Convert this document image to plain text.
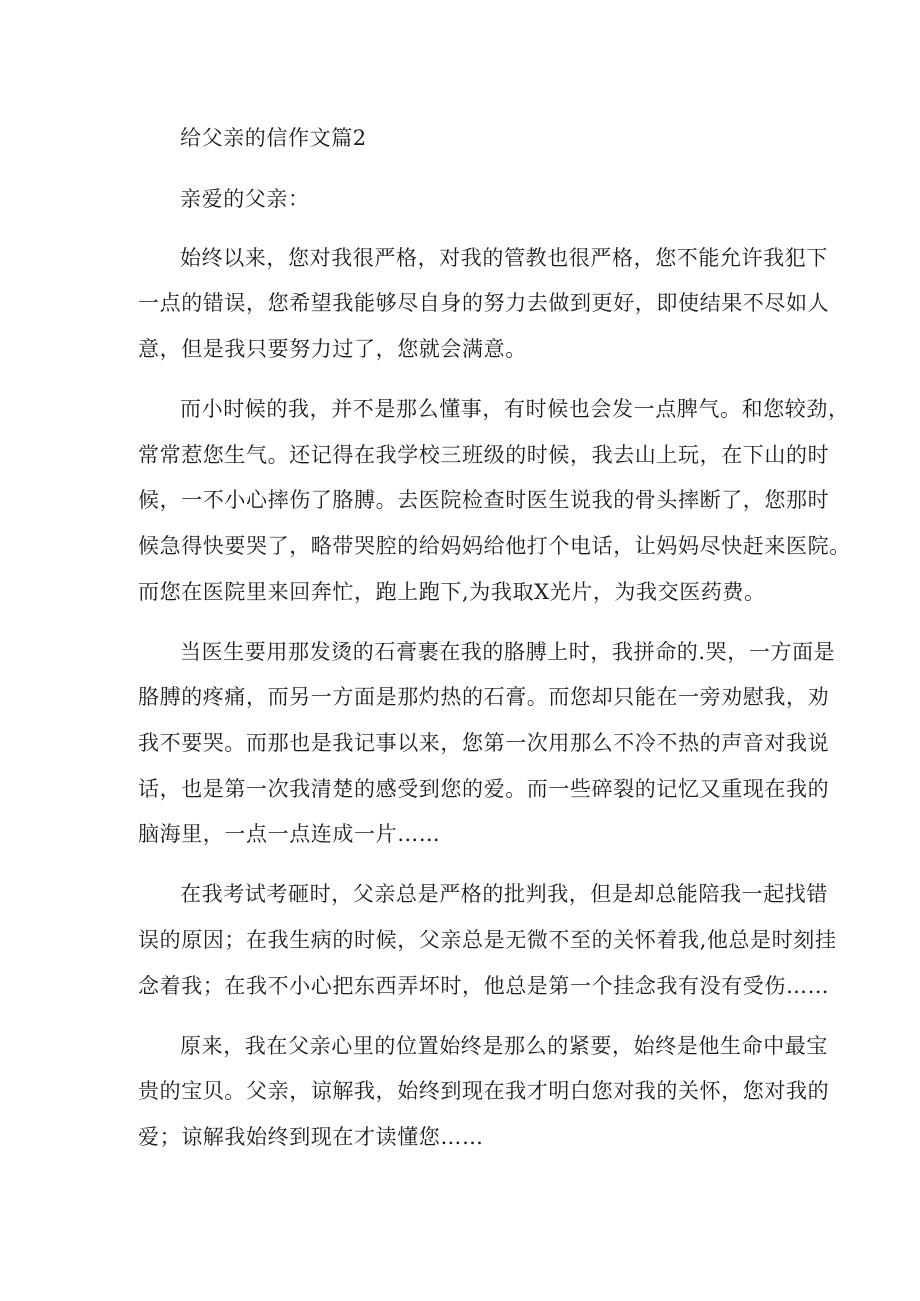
给父亲的信作文篇2
亲爱的父亲：
始终以来，您对我很严格，对我的管教也很严格，您不能允许我犯下
一点的错误，您希望我能够尽自身的努力去做到更好，即使结果不尽如人
意，但是我只要努力过了，您就会满意。
而小时候的我，并不是那么懂事，有时候也会发一点脾气。和您较劲，
常常惹您生气。还记得在我学校三班级的时候，我去山上玩，在下山的时
候，一不小心摔伤了胳膊。去医院检查时医生说我的骨头摔断了，您那时
候急得快要哭了，略带哭腔的给妈妈给他打个电话，让妈妈尽快赶来医院。
而您在医院里来回奔忙，跑上跑下,为我取X光片，为我交医药费。
当医生要用那发烫的石膏裹在我的胳膊上时，我拼命的.哭，一方面是
胳膊的疼痛，而另一方面是那灼热的石膏。而您却只能在一旁劝慰我，劝
我不要哭。而那也是我记事以来，您第一次用那么不冷不热的声音对我说
话，也是第一次我清楚的感受到您的爱。而一些碎裂的记忆又重现在我的
脑海里，一点一点连成一片……
在我考试考砸时，父亲总是严格的批判我，但是却总能陪我一起找错
误的原因；在我生病的时候，父亲总是无微不至的关怀着我,他总是时刻挂
念着我；在我不小心把东西弄坏时，他总是第一个挂念我有没有受伤……
原来，我在父亲心里的位置始终是那么的紧要，始终是他生命中最宝
贵的宝贝。父亲，谅解我，始终到现在我才明白您对我的关怀，您对我的
爱；谅解我始终到现在才读懂您……
